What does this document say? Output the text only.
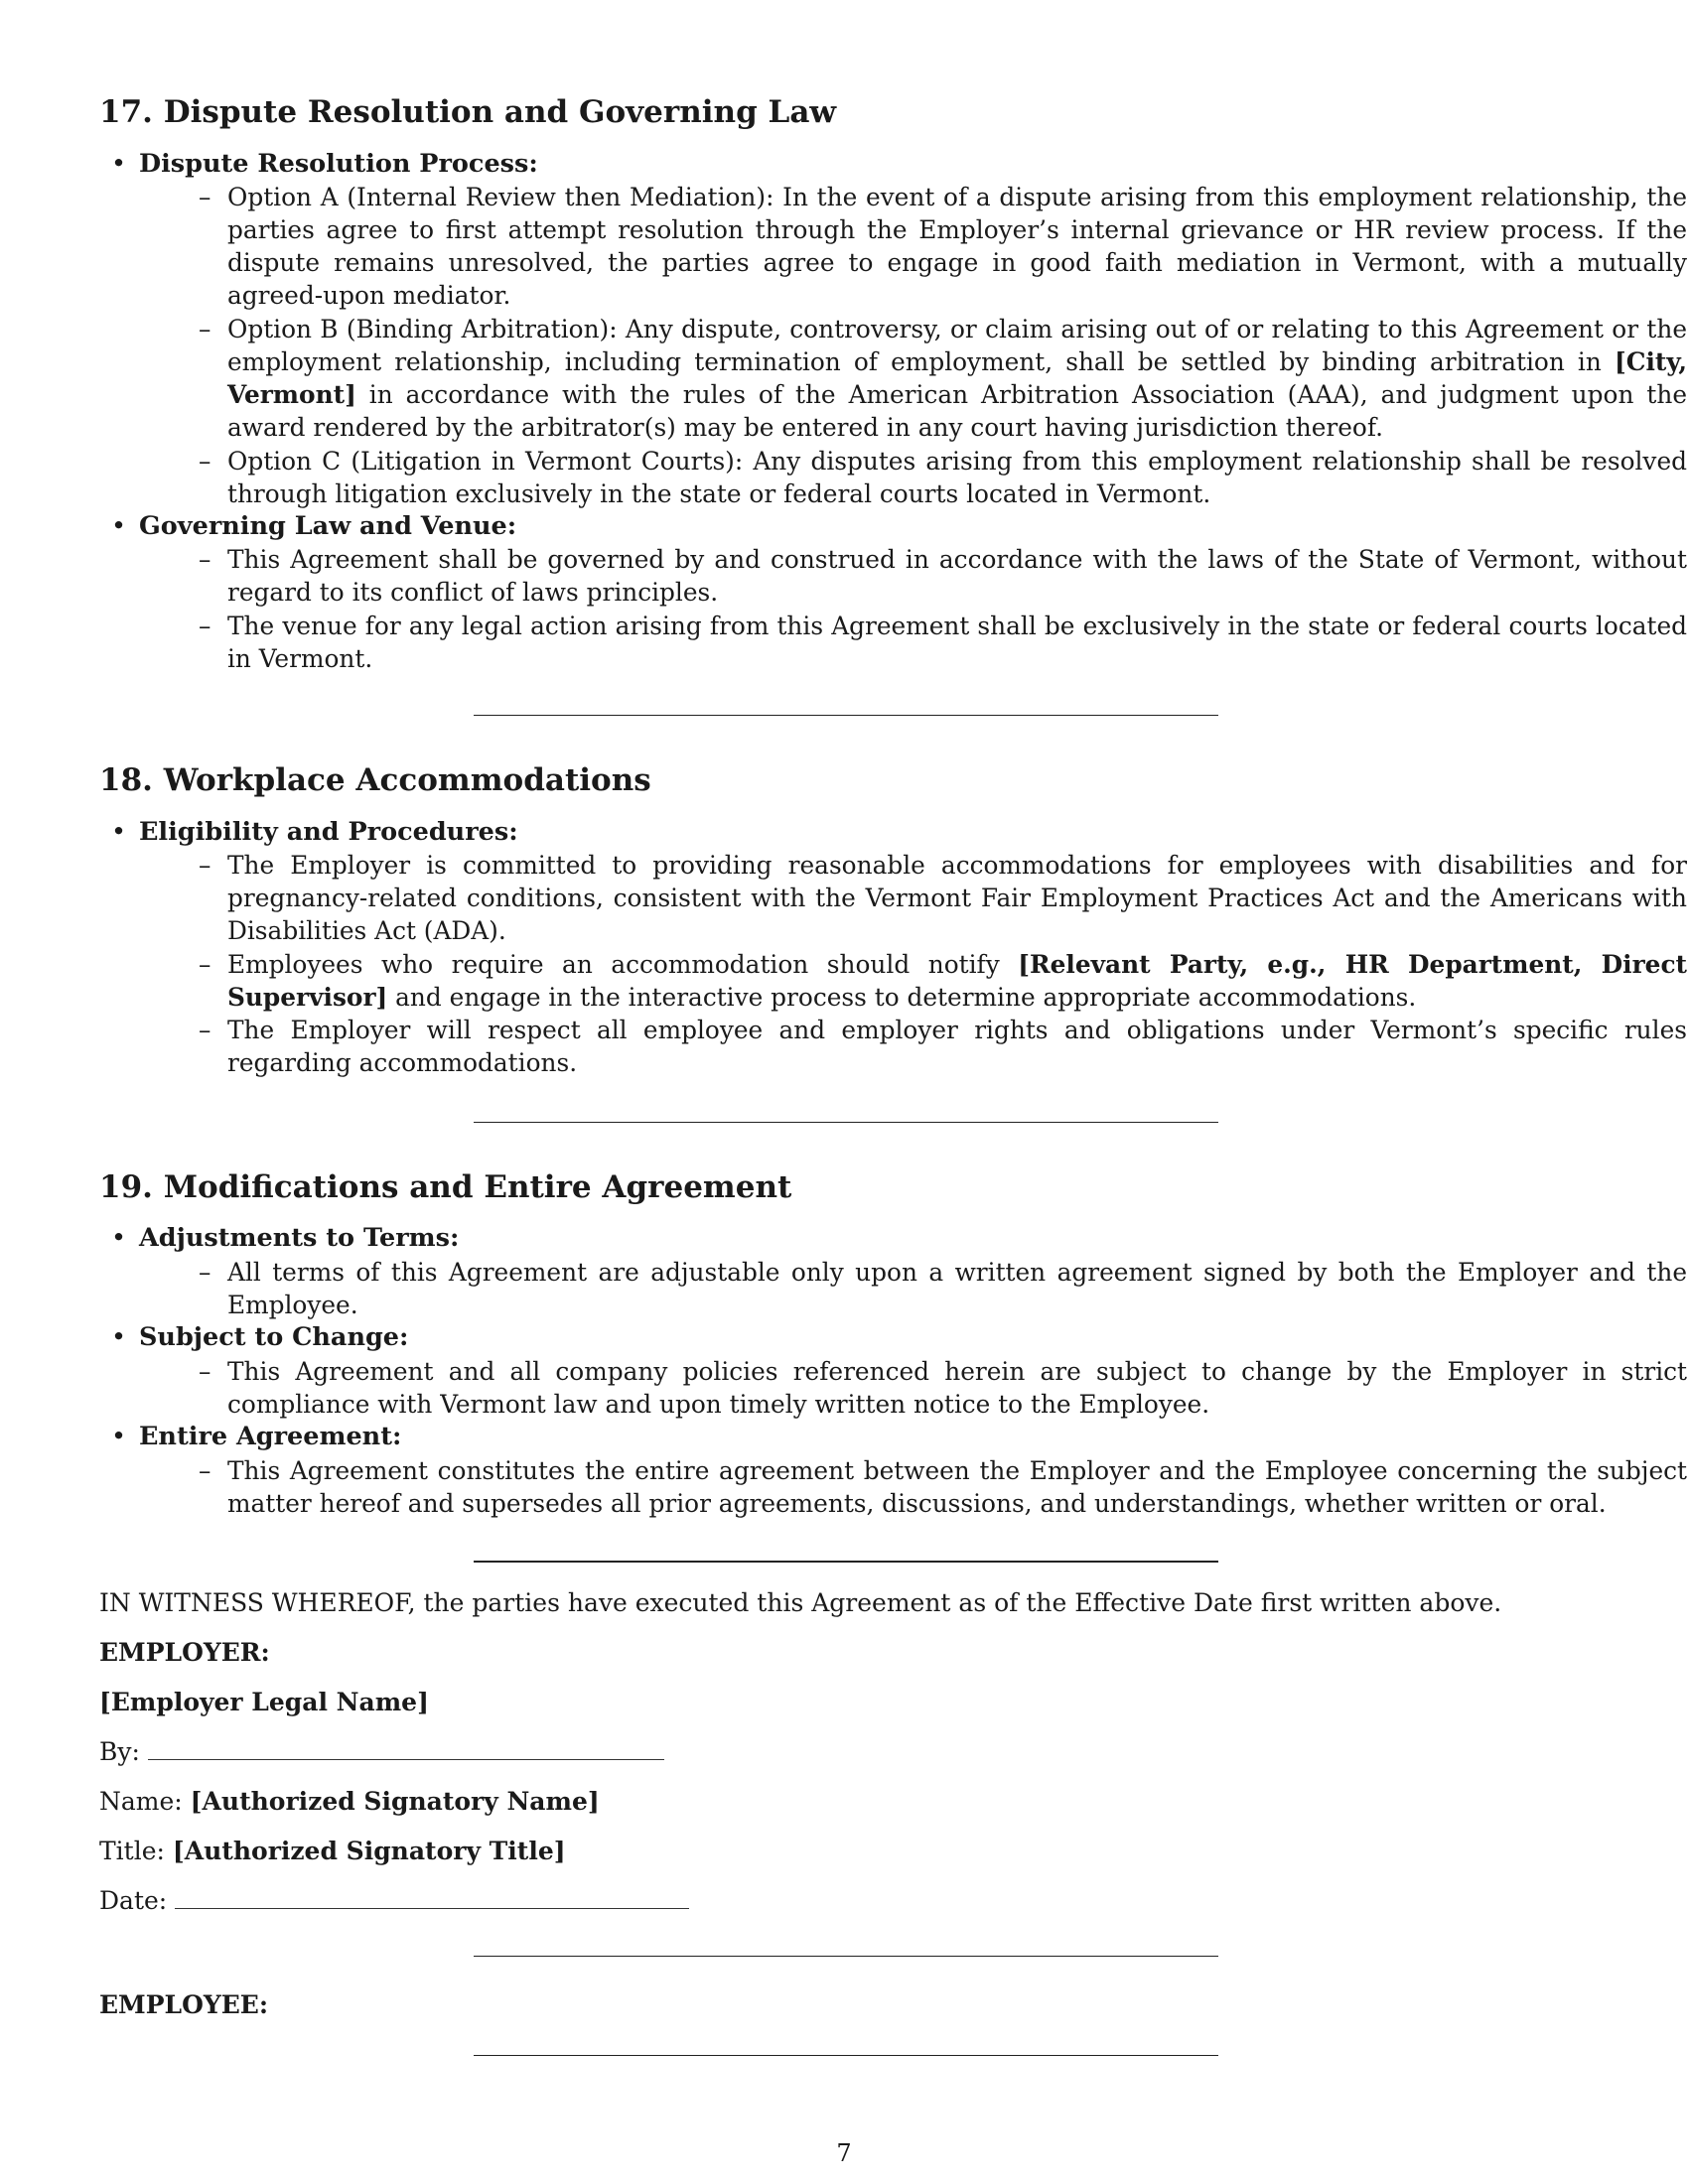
17. Dispute Resolution and Governing Law
• Dispute Resolution Process:
– Option A (Internal Review then Mediation): In the event of a dispute arising from this employment relationship, the parties agree to first attempt resolution through the Employer’s internal grievance or HR review process. If the dispute remains unresolved, the parties agree to engage in good faith mediation in Vermont, with a mutually agreed-upon mediator.
– Option B (Binding Arbitration): Any dispute, controversy, or claim arising out of or relating to this Agreement or the employment relationship, including termination of employment, shall be settled by binding arbitration in [City, Vermont] in accordance with the rules of the American Arbitration Association (AAA), and judgment upon the award rendered by the arbitrator(s) may be entered in any court having jurisdiction thereof.
– Option C (Litigation in Vermont Courts): Any disputes arising from this employment relationship shall be resolved through litigation exclusively in the state or federal courts located in Vermont.
• Governing Law and Venue:
– This Agreement shall be governed by and construed in accordance with the laws of the State of Vermont, without regard to its conflict of laws principles.
– The venue for any legal action arising from this Agreement shall be exclusively in the state or federal courts located in Vermont.
18. Workplace Accommodations
• Eligibility and Procedures:
– The Employer is committed to providing reasonable accommodations for employees with disabilities and for pregnancy-related conditions, consistent with the Vermont Fair Employment Practices Act and the Americans with Disabilities Act (ADA).
– Employees who require an accommodation should notify [Relevant Party, e.g., HR Department, Direct Supervisor] and engage in the interactive process to determine appropriate accommodations.
– The Employer will respect all employee and employer rights and obligations under Vermont’s specific rules regarding accommodations.
19. Modifications and Entire Agreement
• Adjustments to Terms:
– All terms of this Agreement are adjustable only upon a written agreement signed by both the Employer and the Employee.
• Subject to Change:
– This Agreement and all company policies referenced herein are subject to change by the Employer in strict compliance with Vermont law and upon timely written notice to the Employee.
• Entire Agreement:
– This Agreement constitutes the entire agreement between the Employer and the Employee concerning the subject matter hereof and supersedes all prior agreements, discussions, and understandings, whether written or oral.
IN WITNESS WHEREOF, the parties have executed this Agreement as of the Effective Date first written above.
EMPLOYER:
[Employer Legal Name]
By:
Name: [Authorized Signatory Name]
Title: [Authorized Signatory Title]
Date:
EMPLOYEE:
7
